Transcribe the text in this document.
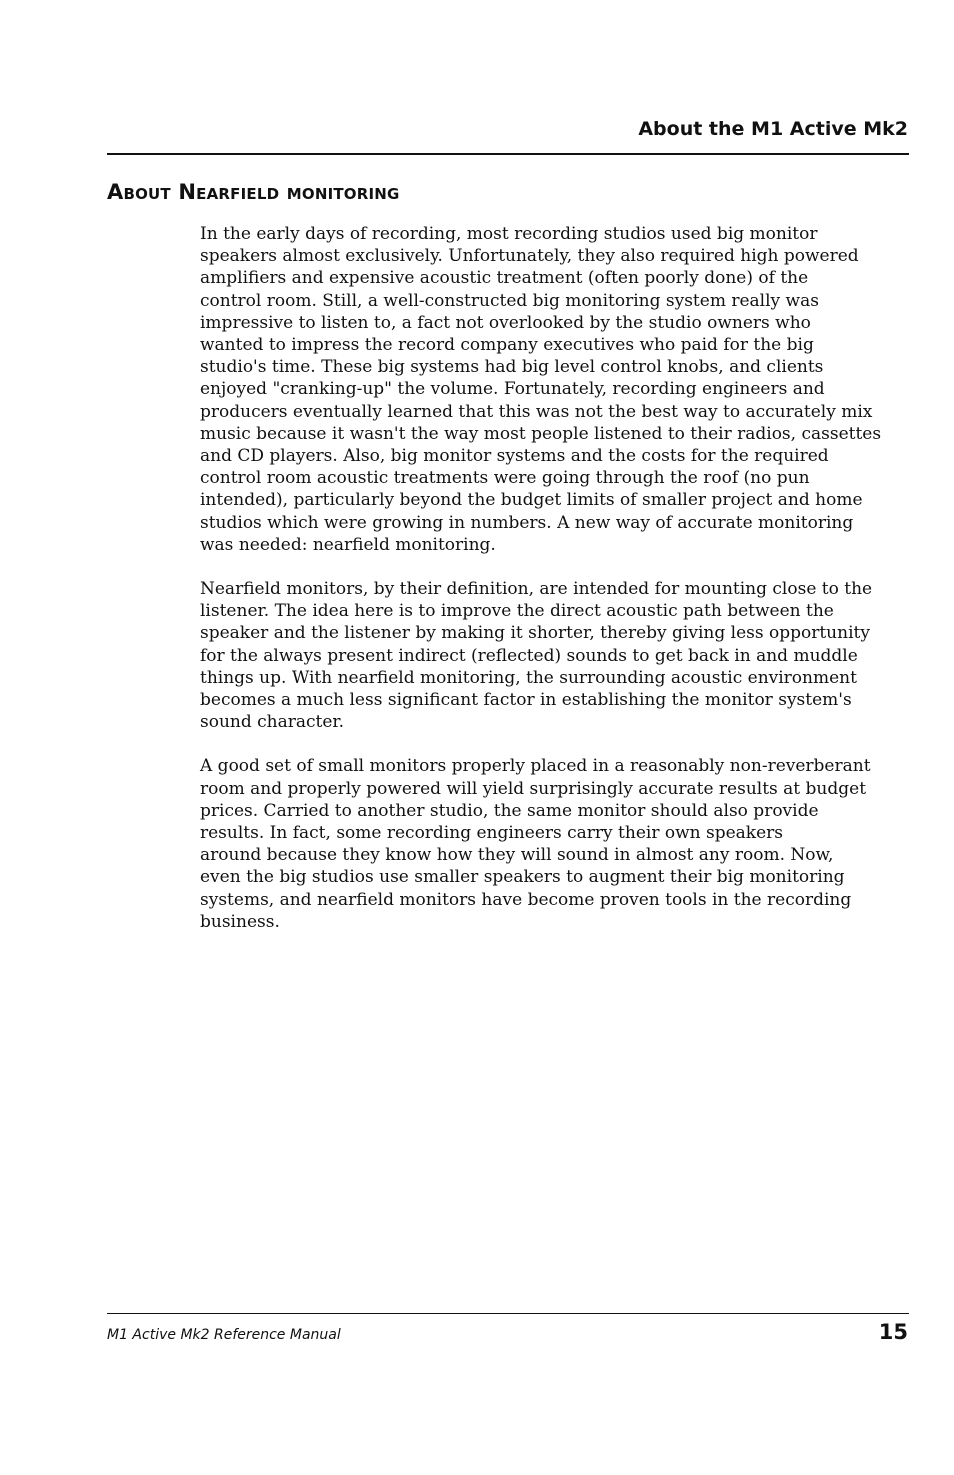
About the M1 Active Mk2
About Nearfield monitoring

In the early days of recording, most recording studios used big monitor
speakers almost exclusively. Unfortunately, they also required high powered
amplifiers and expensive acoustic treatment (often poorly done) of the
control room. Still, a well-constructed big monitoring system really was
impressive to listen to, a fact not overlooked by the studio owners who
wanted to impress the record company executives who paid for the big
studio's time. These big systems had big level control knobs, and clients
enjoyed "cranking-up" the volume. Fortunately, recording engineers and
producers eventually learned that this was not the best way to accurately mix
music because it wasn't the way most people listened to their radios, cassettes
and CD players. Also, big monitor systems and the costs for the required
control room acoustic treatments were going through the roof (no pun
intended), particularly beyond the budget limits of smaller project and home
studios which were growing in numbers. A new way of accurate monitoring
was needed: nearfield monitoring.

Nearfield monitors, by their definition, are intended for mounting close to the
listener. The idea here is to improve the direct acoustic path between the
speaker and the listener by making it shorter, thereby giving less opportunity
for the always present indirect (reflected) sounds to get back in and muddle
things up. With nearfield monitoring, the surrounding acoustic environment
becomes a much less significant factor in establishing the monitor system's
sound character.

A good set of small monitors properly placed in a reasonably non-reverberant
room and properly powered will yield surprisingly accurate results at budget
prices. Carried to another studio, the same monitor should also provide
results. In fact, some recording engineers carry their own speakers
around because they know how they will sound in almost any room. Now,
even the big studios use smaller speakers to augment their big monitoring
systems, and nearfield monitors have become proven tools in the recording
business.

M1 Active Mk2 Reference Manual	15
